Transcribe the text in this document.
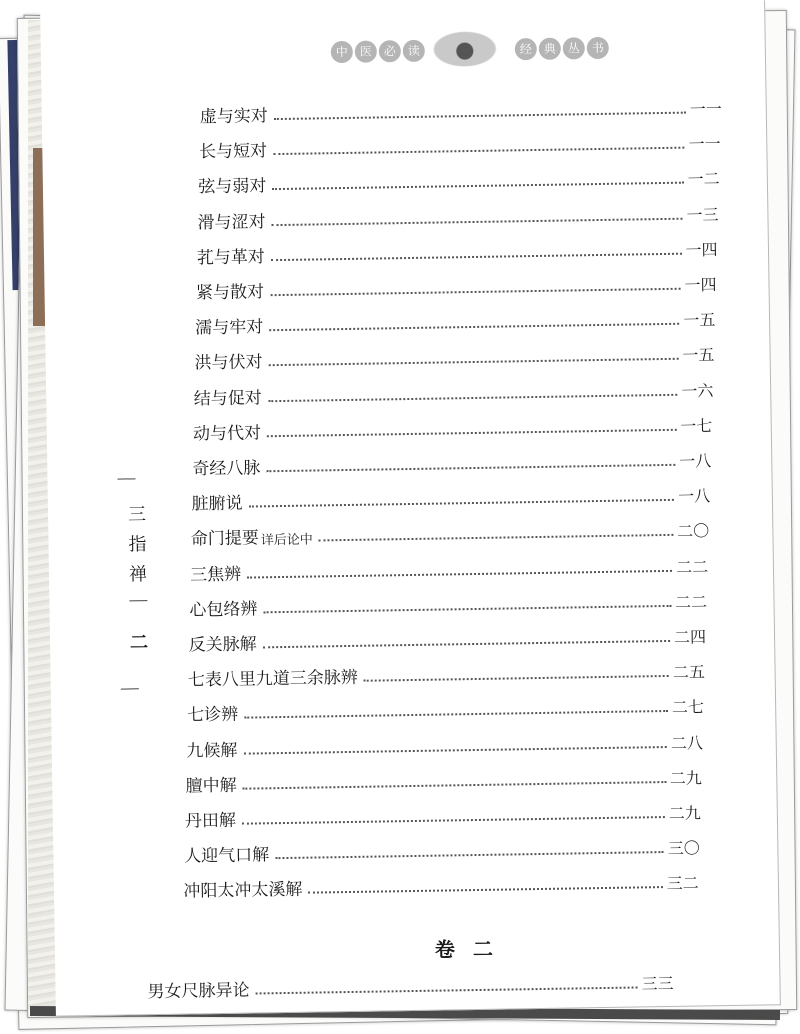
中 医 必 读	经 典 丛 书
虚与实对	一一
长与短对	一一
弦与弱对	一二
滑与涩对	一三
芤与革对	一四
紧与散对	一四
濡与牢对	一五
洪与伏对	一五
结与促对	一六
动与代对	一七
奇经八脉	一八
脏腑说	一八
命门提要 详后论中	二〇
三焦辨	二二
心包络辨	二二
反关脉解	二四
七表八里九道三余脉辨	二五
七诊辨	二七
九候解	二八
膻中解	二九
丹田解	二九
人迎气口解	三〇
冲阳太冲太溪解	三二
三
指
禅
二
卷二
男女尺脉异论	三三
